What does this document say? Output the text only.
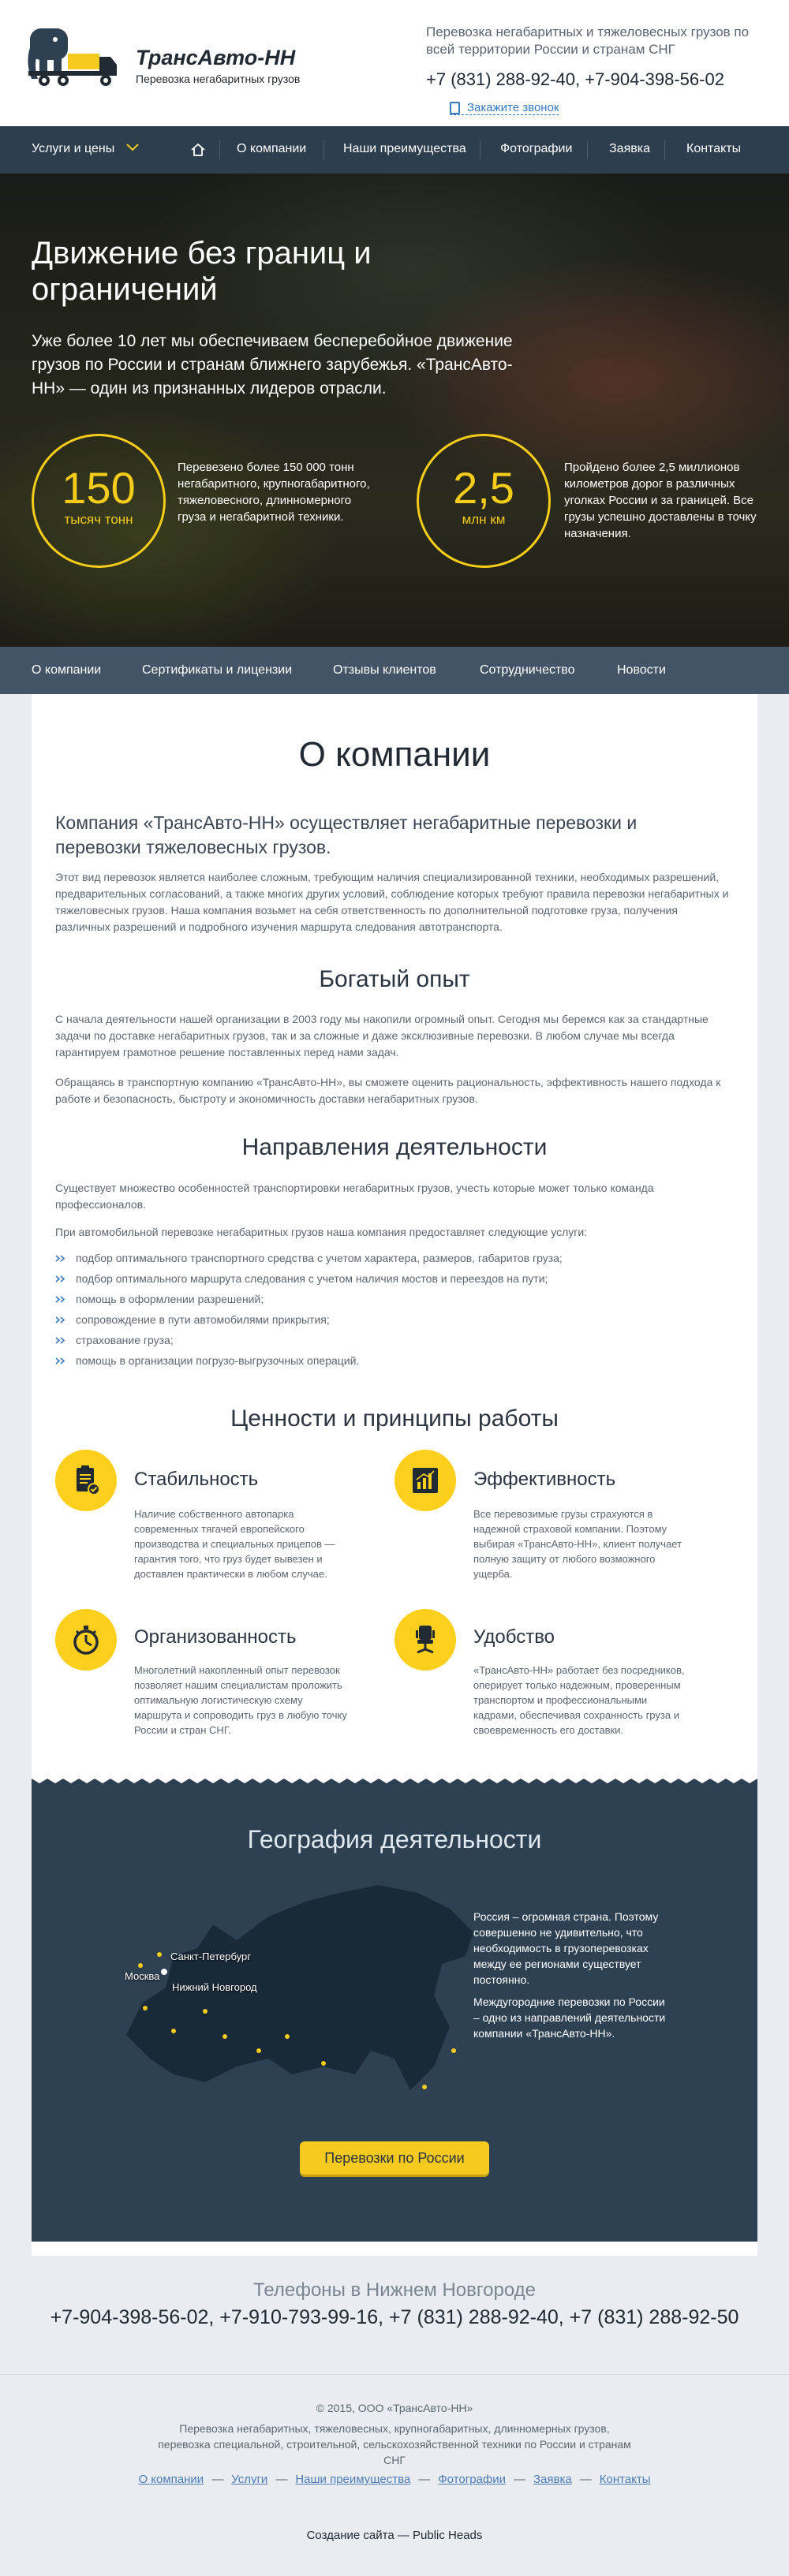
ТрансАвто-НН
Перевозка негабаритных грузов
Перевозка негабаритных и тяжеловесных грузов по всей территории России и странам СНГ
+7 (831) 288-92-40, +7-904-398-56-02
Закажите звонок
Услуги и цены	О компании	Наши преимущества	Фотографии	Заявка	Контакты
Движение без границ и ограничений
Уже более 10 лет мы обеспечиваем бесперебойное движение грузов по России и странам ближнего зарубежья. «ТрансАвто-НН» — один из признанных лидеров отрасли.
150
тысяч тонн
Перевезено более 150 000 тонн негабаритного, крупногабаритного, тяжеловесного, длинномерного груза и негабаритной техники.
2,5
млн км
Пройдено более 2,5 миллионов километров дорог в различных уголках России и за границей. Все грузы успешно доставлены в точку назначения.
О компании	Сертификаты и лицензии	Отзывы клиентов	Сотрудничество	Новости
О компании
Компания «ТрансАвто-НН» осуществляет негабаритные перевозки и перевозки тяжеловесных грузов.
Этот вид перевозок является наиболее сложным, требующим наличия специализированной техники, необходимых разрешений, предварительных согласований, а также многих других условий, соблюдение которых требуют правила перевозки негабаритных и тяжеловесных грузов. Наша компания возьмет на себя ответственность по дополнительной подготовке груза, получения различных разрешений и подробного изучения маршрута следования автотранспорта.
Богатый опыт
С начала деятельности нашей организации в 2003 году мы накопили огромный опыт. Сегодня мы беремся как за стандартные задачи по доставке негабаритных грузов, так и за сложные и даже эксклюзивные перевозки. В любом случае мы всегда гарантируем грамотное решение поставленных перед нами задач.
Обращаясь в транспортную компанию «ТрансАвто-НН», вы сможете оценить рациональность, эффективность нашего подхода к работе и безопасность, быстроту и экономичность доставки негабаритных грузов.
Направления деятельности
Существует множество особенностей транспортировки негабаритных грузов, учесть которые может только команда профессионалов.
При автомобильной перевозке негабаритных грузов наша компания предоставляет следующие услуги:
подбор оптимального транспортного средства с учетом характера, размеров, габаритов груза;
подбор оптимального маршрута следования с учетом наличия мостов и переездов на пути;
помощь в оформлении разрешений;
сопровождение в пути автомобилями прикрытия;
страхование груза;
помощь в организации погрузо-выгрузочных операций.
Ценности и принципы работы
Стабильность
Наличие собственного автопарка современных тягачей европейского производства и специальных прицепов — гарантия того, что груз будет вывезен и доставлен практически в любом случае.
Эффективность
Все перевозимые грузы страхуются в надежной страховой компании. Поэтому выбирая «ТрансАвто-НН», клиент получает полную защиту от любого возможного ущерба.
Организованность
Многолетний накопленный опыт перевозок позволяет нашим специалистам проложить оптимальную логистическую схему маршрута и сопроводить груз в любую точку России и стран СНГ.
Удобство
«ТрансАвто-НН» работает без посредников, оперирует только надежным, проверенным транспортом и профессиональными кадрами, обеспечивая сохранность груза и своевременность его доставки.
География деятельности
Санкт-Петербург
Москва
Нижний Новгород
Россия – огромная страна. Поэтому совершенно не удивительно, что необходимость в грузоперевозках между ее регионами существует постоянно.
Междугородние перевозки по России – одно из направлений деятельности компании «ТрансАвто-НН».
Перевозки по России
Телефоны в Нижнем Новгороде
+7-904-398-56-02, +7-910-793-99-16, +7 (831) 288-92-40, +7 (831) 288-92-50
© 2015, ООО «ТрансАвто-НН»
Перевозка негабаритных, тяжеловесных, крупногабаритных, длинномерных грузов, перевозка специальной, строительной, сельскохозяйственной техники по России и странам СНГ
О компании — Услуги — Наши преимущества — Фотографии — Заявка — Контакты
Создание сайта — Public Heads
